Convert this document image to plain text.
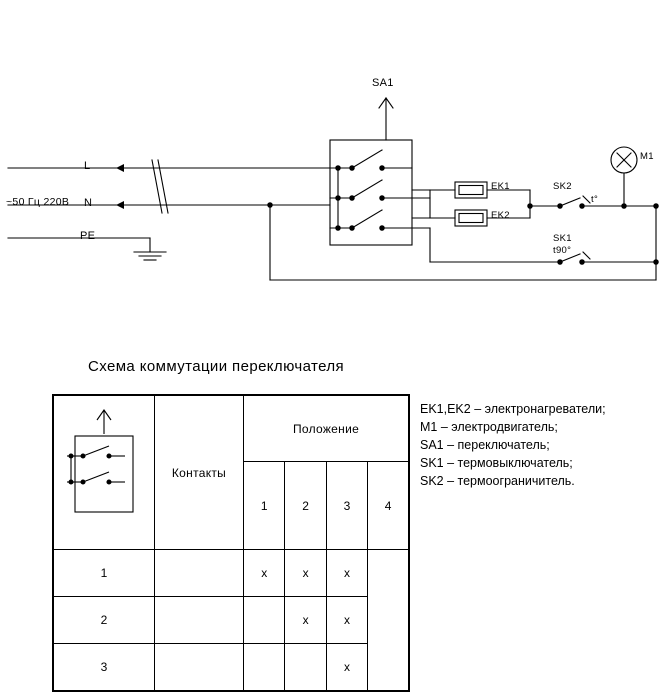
~50 Гц 220В
L
N
PE
SA1
EK1
EK2
SK2
t°
SK1
t90°
M1
Схема коммутации переключателя
	Контакты	Положение			
		1	2	3	4
1		x	x	x	
2			x	x	
3				x	
EK1,EK2 – электронагреватели;
M1 – электродвигатель;
SA1 – переключатель;
SK1 – термовыключатель;
SK2 – термоограничитель.
